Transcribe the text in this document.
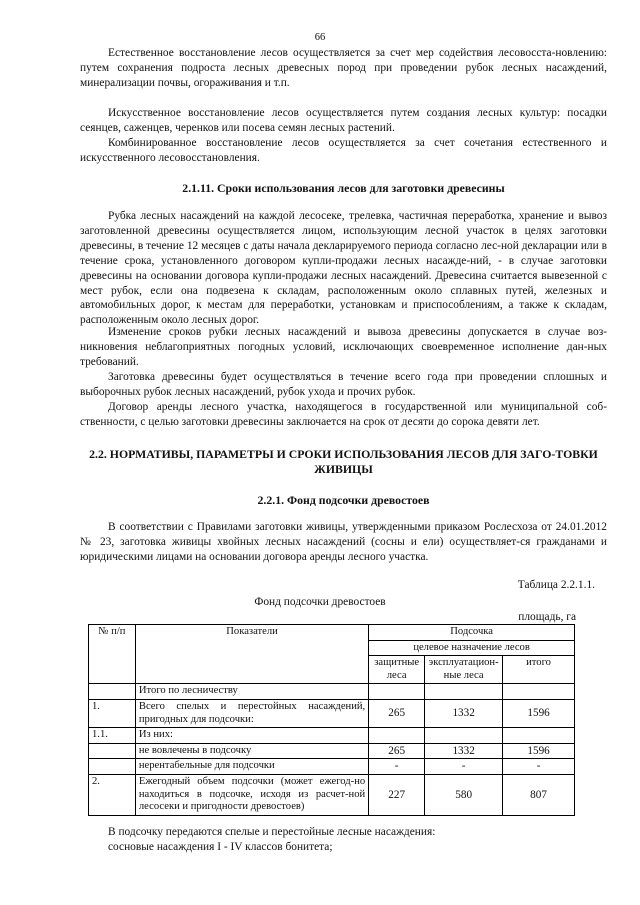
66

Естественное восстановление лесов осуществляется за счет мер содействия лесовосста-новлению: путем сохранения подроста лесных древесных пород при проведении рубок лесных насаждений, минерализации почвы, огораживания и т.п.

Искусственное восстановление лесов осуществляется путем создания лесных культур: посадки сеянцев, саженцев, черенков или посева семян лесных растений.

Комбинированное восстановление лесов осуществляется за счет сочетания естественного и искусственного лесовосстановления.

2.1.11. Сроки использования лесов для заготовки древесины

Рубка лесных насаждений на каждой лесосеке, трелевка, частичная переработка, хранение и вывоз заготовленной древесины осуществляется лицом, использующим лесной участок в целях заготовки древесины, в течение 12 месяцев с даты начала декларируемого периода согласно лес-ной декларации или в течение срока, установленного договором купли-продажи лесных насажде-ний, - в случае заготовки древесины на основании договора купли-продажи лесных насаждений. Древесина считается вывезенной с мест рубок, если она подвезена к складам, расположенным около сплавных путей, железных и автомобильных дорог, к местам для переработки, установкам и приспособлениям, а также к складам, расположенным около лесных дорог.

Изменение сроков рубки лесных насаждений и вывоза древесины допускается в случае воз-никновения неблагоприятных погодных условий, исключающих своевременное исполнение дан-ных требований.

Заготовка древесины будет осуществляться в течение всего года при проведении сплошных и выборочных рубок лесных насаждений, рубок ухода и прочих рубок.

Договор аренды лесного участка, находящегося в государственной или муниципальной соб-ственности, с целью заготовки древесины заключается на срок от десяти до сорока девяти лет.

2.2. НОРМАТИВЫ, ПАРАМЕТРЫ И СРОКИ ИСПОЛЬЗОВАНИЯ ЛЕСОВ ДЛЯ ЗАГО-ТОВКИ ЖИВИЦЫ

2.2.1. Фонд подсочки древостоев

В соответствии с Правилами заготовки живицы, утвержденными приказом Рослесхоза от 24.01.2012 № 23, заготовка живицы хвойных лесных насаждений (сосны и ели) осуществляет-ся гражданами и юридическими лицами на основании договора аренды лесного участка.

Таблица 2.2.1.1.

Фонд подсочки древостоев

площадь, га

№ п/п	Показатели	Подсочка		
		целевое назначение лесов		
		защитные леса	эксплуатацион-ные леса	итого
	Итого по лесничеству			
1.	Всего спелых и перестойных насаждений, пригодных для подсочки:	265	1332	1596
1.1.	Из них:			
	не вовлечены в подсочку	265	1332	1596
	нерентабельные для подсочки	-	-	-
2.	Ежегодный объем подсочки (может ежегод-но находиться в подсочке, исходя из расчет-ной лесосеки и пригодности древостоев)	227	580	807

В подсочку передаются спелые и перестойные лесные насаждения:

сосновые насаждения I - IV классов бонитета;
